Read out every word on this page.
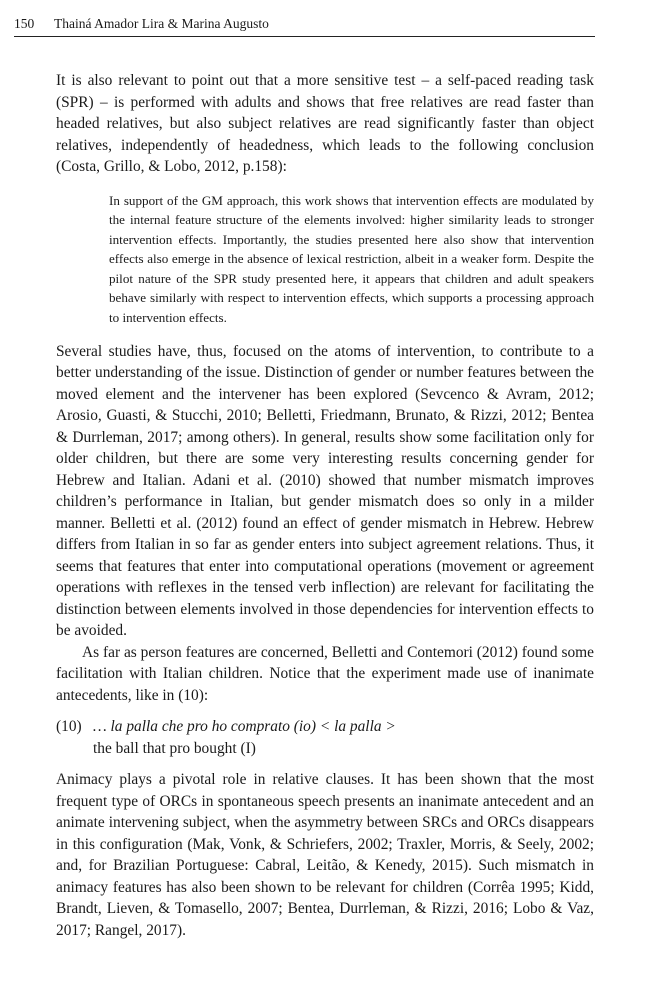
150 Thainá Amador Lira & Marina Augusto

It is also relevant to point out that a more sensitive test – a self-paced reading task (SPR) – is performed with adults and shows that free relatives are read faster than headed relatives, but also subject relatives are read significantly faster than object relatives, independently of headedness, which leads to the following conclusion (Costa, Grillo, & Lobo, 2012, p.158):

In support of the GM approach, this work shows that intervention effects are modulated by the internal feature structure of the elements involved: higher similarity leads to stronger intervention effects. Importantly, the studies presented here also show that intervention effects also emerge in the absence of lexical restriction, albeit in a weaker form. Despite the pilot nature of the SPR study presented here, it appears that children and adult speakers behave similarly with respect to intervention effects, which supports a processing approach to intervention effects.

Several studies have, thus, focused on the atoms of intervention, to contribute to a better understanding of the issue. Distinction of gender or number features between the moved element and the intervener has been explored (Sevcenco & Avram, 2012; Arosio, Guasti, & Stucchi, 2010; Belletti, Friedmann, Brunato, & Rizzi, 2012; Bentea & Durrleman, 2017; among others). In general, results show some facilitation only for older children, but there are some very interesting results concerning gender for Hebrew and Italian. Adani et al. (2010) showed that number mismatch improves children’s performance in Italian, but gender mismatch does so only in a milder manner. Belletti et al. (2012) found an effect of gender mismatch in Hebrew. Hebrew differs from Italian in so far as gender enters into subject agreement relations. Thus, it seems that features that enter into computational operations (movement or agreement operations with reflexes in the tensed verb inflection) are relevant for facilitating the distinction between elements involved in those dependencies for intervention effects to be avoided.

As far as person features are concerned, Belletti and Contemori (2012) found some facilitation with Italian children. Notice that the experiment made use of inanimate antecedents, like in (10):

(10) … la palla che pro ho comprato (io) < la palla >
the ball that pro bought (I)

Animacy plays a pivotal role in relative clauses. It has been shown that the most frequent type of ORCs in spontaneous speech presents an inanimate antecedent and an animate intervening subject, when the asymmetry between SRCs and ORCs disappears in this configuration (Mak, Vonk, & Schriefers, 2002; Traxler, Morris, & Seely, 2002; and, for Brazilian Portuguese: Cabral, Leitão, & Kenedy, 2015). Such mismatch in animacy features has also been shown to be relevant for children (Corrêa 1995; Kidd, Brandt, Lieven, & Tomasello, 2007; Bentea, Durrleman, & Rizzi, 2016; Lobo & Vaz, 2017; Rangel, 2017).
